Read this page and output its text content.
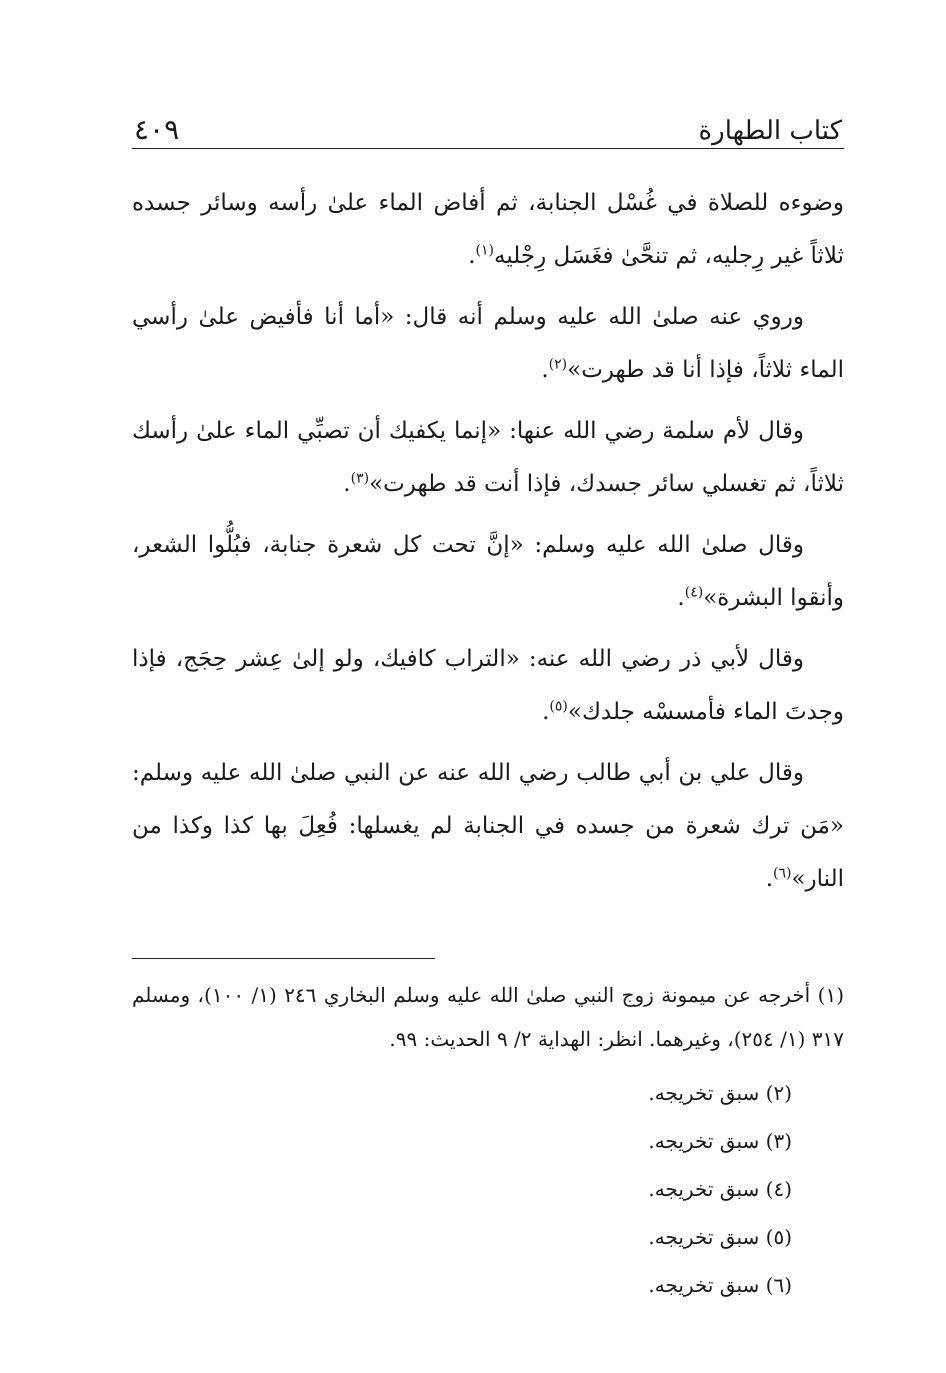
كتاب الطهارة
٤٠٩

وضوءه للصلاة في غُسْل الجنابة، ثم أفاض الماء علىٰ رأسه وسائر جسده ثلاثاً غير رِجليه، ثم تنحَّىٰ فغَسَل رِجْليه$^{(١)}$.

وروي عنه صلىٰ الله عليه وسلم أنه قال: «أما أنا فأفيض علىٰ رأسي الماء ثلاثاً، فإذا أنا قد طهرت»$^{(٢)}$.

وقال لأم سلمة رضي الله عنها: «إنما يكفيك أن تصبِّي الماء علىٰ رأسك ثلاثاً، ثم تغسلي سائر جسدك، فإذا أنت قد طهرت»$^{(٣)}$.

وقال صلىٰ الله عليه وسلم: «إنَّ تحت كل شعرة جنابة، فبُلُّوا الشعر، وأنقوا البشرة»$^{(٤)}$.

وقال لأبي ذر رضي الله عنه: «التراب كافيك، ولو إلىٰ عِشر حِجَج، فإذا وجدتَ الماء فأمسسْه جلدك»$^{(٥)}$.

وقال علي بن أبي طالب رضي الله عنه عن النبي صلىٰ الله عليه وسلم: «مَن ترك شعرة من جسده في الجنابة لم يغسلها: فُعِلَ بها كذا وكذا من النار»$^{(٦)}$.

(١) أخرجه عن ميمونة زوج النبي صلىٰ الله عليه وسلم البخاري ٢٤٦ (١/ ١٠٠)، ومسلم ٣١٧ (١/ ٢٥٤)، وغيرهما. انظر: الهداية ٢/ ٩ الحديث: ٩٩.

(٢) سبق تخريجه.
(٣) سبق تخريجه.
(٤) سبق تخريجه.
(٥) سبق تخريجه.
(٦) سبق تخريجه.
